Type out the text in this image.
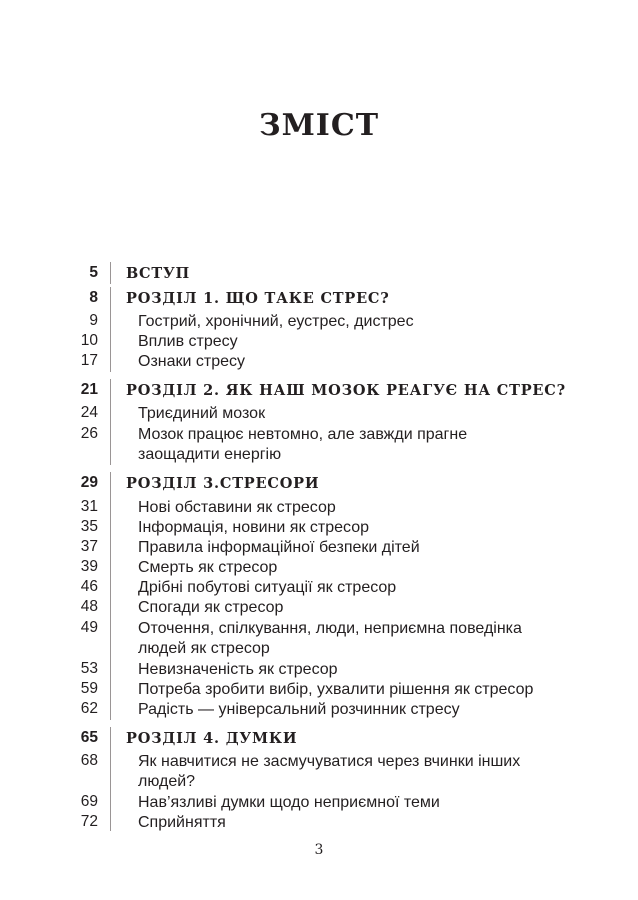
ЗМІСТ
5 ВСТУП
8 РОЗДІЛ 1. ЩО ТАКЕ СТРЕС?
9	Гострий, хронічний, еустрес, дистрес
10	Вплив стресу
17	Ознаки стресу
21 РОЗДІЛ 2. ЯК НАШ МОЗОК РЕАГУЄ НА СТРЕС?
24	Триєдиний мозок
26	Мозок працює невтомно, але завжди прагне
заощадити енергію
29 РОЗДІЛ 3.СТРЕСОРИ
31	Нові обставини як стресор
35	Інформація, новини як стресор
37	Правила інформаційної безпеки дітей
39	Смерть як стресор
46	Дрібні побутові ситуації як стресор
48	Спогади як стресор
49	Оточення, спілкування, люди, неприємна поведінка
людей як стресор
53	Невизначеність як стресор
59	Потреба зробити вибір, ухвалити рішення як стресор
62	Радість — універсальний розчинник стресу
65 РОЗДІЛ 4. ДУМКИ
68	Як навчитися не засмучуватися через вчинки інших
людей?
69	Нав’язливі думки щодо неприємної теми
72	Сприйняття
3
